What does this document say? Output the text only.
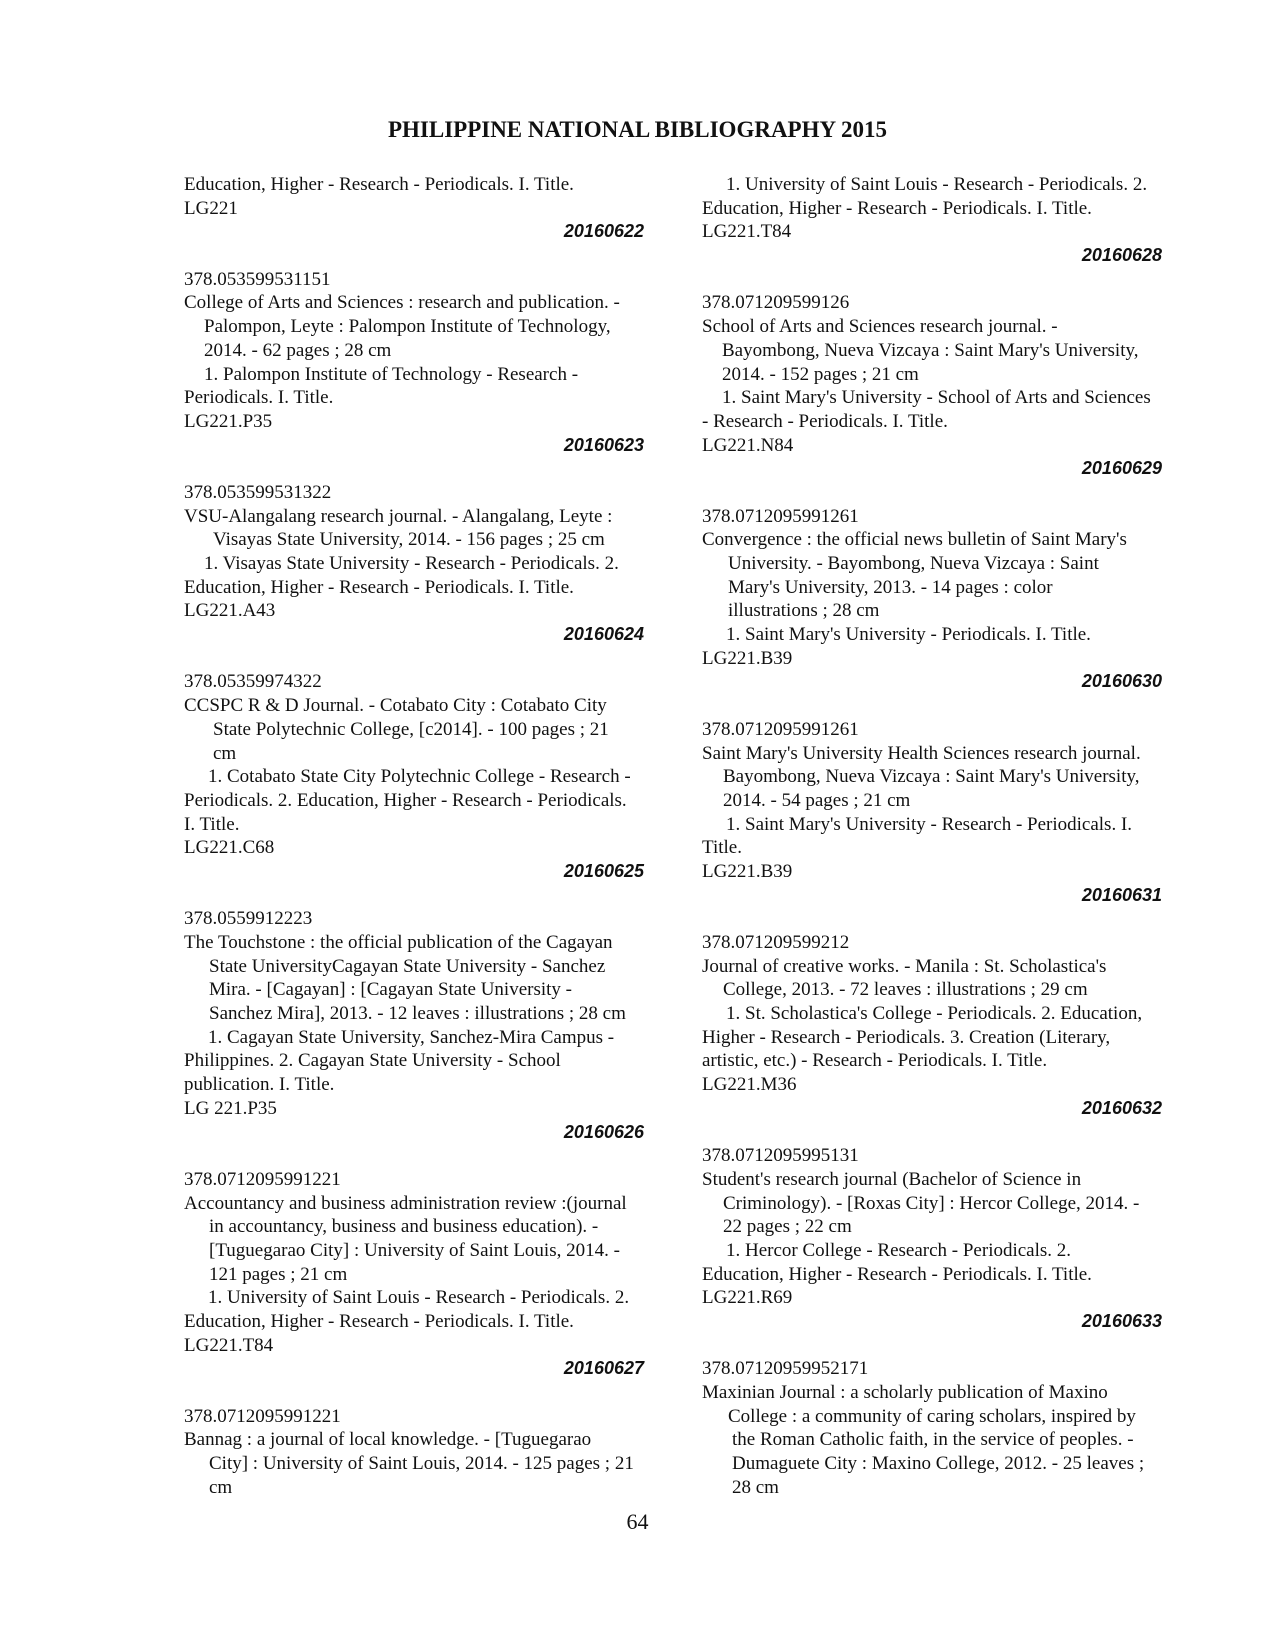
PHILIPPINE NATIONAL BIBLIOGRAPHY 2015
Education, Higher - Research - Periodicals. I. Title.
LG221
20160622
378.053599531151
College of Arts and Sciences : research and publication. -
Palompon, Leyte : Palompon Institute of Technology,
2014. - 62 pages ; 28 cm
1. Palompon Institute of Technology - Research -
Periodicals. I. Title.
LG221.P35
20160623
378.053599531322
VSU-Alangalang research journal. - Alangalang, Leyte :
Visayas State University, 2014. - 156 pages ; 25 cm
1. Visayas State University - Research - Periodicals. 2.
Education, Higher - Research - Periodicals. I. Title.
LG221.A43
20160624
378.05359974322
CCSPC R & D Journal. - Cotabato City : Cotabato City
State Polytechnic College, [c2014]. - 100 pages ; 21
cm
1. Cotabato State City Polytechnic College - Research -
Periodicals. 2. Education, Higher - Research - Periodicals.
I. Title.
LG221.C68
20160625
378.0559912223
The Touchstone : the official publication of the Cagayan
State UniversityCagayan State University - Sanchez
Mira. - [Cagayan] : [Cagayan State University -
Sanchez Mira], 2013. - 12 leaves : illustrations ; 28 cm
1. Cagayan State University, Sanchez-Mira Campus -
Philippines. 2. Cagayan State University - School
publication. I. Title.
LG 221.P35
20160626
378.0712095991221
Accountancy and business administration review :(journal
in accountancy, business and business education). -
[Tuguegarao City] : University of Saint Louis, 2014. -
121 pages ; 21 cm
1. University of Saint Louis - Research - Periodicals. 2.
Education, Higher - Research - Periodicals. I. Title.
LG221.T84
20160627
378.0712095991221
Bannag : a journal of local knowledge. - [Tuguegarao
City] : University of Saint Louis, 2014. - 125 pages ; 21
cm
1. University of Saint Louis - Research - Periodicals. 2.
Education, Higher - Research - Periodicals. I. Title.
LG221.T84
20160628
378.071209599126
School of Arts and Sciences research journal. -
Bayombong, Nueva Vizcaya : Saint Mary's University,
2014. - 152 pages ; 21 cm
1. Saint Mary's University - School of Arts and Sciences
- Research - Periodicals. I. Title.
LG221.N84
20160629
378.0712095991261
Convergence : the official news bulletin of Saint Mary's
University. - Bayombong, Nueva Vizcaya : Saint
Mary's University, 2013. - 14 pages : color
illustrations ; 28 cm
1. Saint Mary's University - Periodicals. I. Title.
LG221.B39
20160630
378.0712095991261
Saint Mary's University Health Sciences research journal.
Bayombong, Nueva Vizcaya : Saint Mary's University,
2014. - 54 pages ; 21 cm
1. Saint Mary's University - Research - Periodicals. I.
Title.
LG221.B39
20160631
378.071209599212
Journal of creative works. - Manila : St. Scholastica's
College, 2013. - 72 leaves : illustrations ; 29 cm
1. St. Scholastica's College - Periodicals. 2. Education,
Higher - Research - Periodicals. 3. Creation (Literary,
artistic, etc.) - Research - Periodicals. I. Title.
LG221.M36
20160632
378.0712095995131
Student's research journal (Bachelor of Science in
Criminology). - [Roxas City] : Hercor College, 2014. -
22 pages ; 22 cm
1. Hercor College - Research - Periodicals. 2.
Education, Higher - Research - Periodicals. I. Title.
LG221.R69
20160633
378.07120959952171
Maxinian Journal : a scholarly publication of Maxino
College : a community of caring scholars, inspired by
the Roman Catholic faith, in the service of peoples. -
Dumaguete City : Maxino College, 2012. - 25 leaves ;
28 cm
64
